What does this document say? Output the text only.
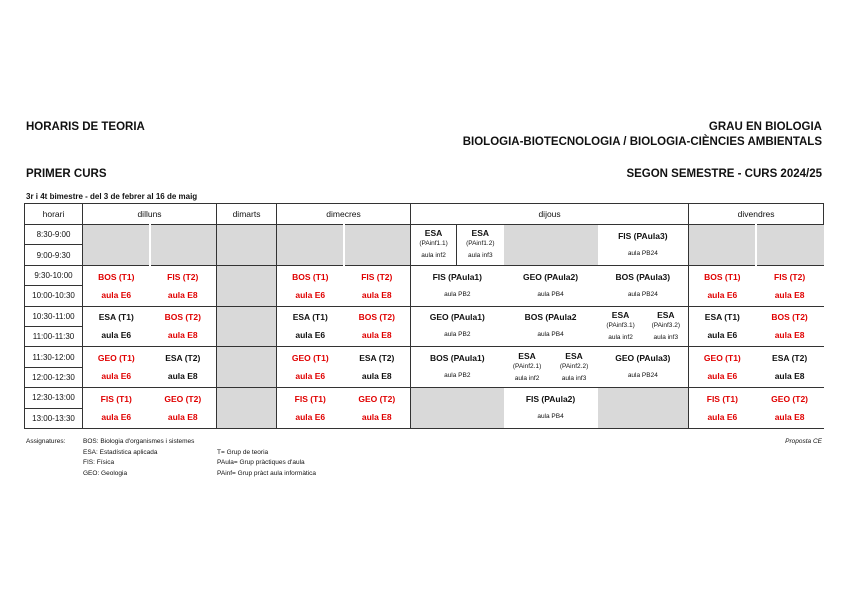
HORARIS DE TEORIA	GRAU EN BIOLOGIA
BIOLOGIA-BIOTECNOLOGIA / BIOLOGIA-CIÈNCIES AMBIENTALS
PRIMER CURS	SEGON SEMESTRE - CURS 2024/25
3r i 4t bimestre - del 3 de febrer al 16 de maig
horari	dilluns		dimarts	dimecres		dijous						divendres	
8:30-9:00						ESA
(PAinf1.1)
aula inf2	ESA
(PAinf1.2)
aula inf3			FIS (PAula3)
aula PB24			

9:00-9:30													
9:30-10:00	BOS (T1)
aula E6	FIS (T2)
aula E8		BOS (T1)
aula E6	FIS (T2)
aula E8	FIS (PAula1)
aula PB2		GEO (PAula2)
aula PB4		BOS (PAula3)
aula PB24		BOS (T1)
aula E6	FIS (T2)
aula E8

10:00-10:30													
10:30-11:00	ESA (T1)
aula E6	BOS (T2)
aula E8		ESA (T1)
aula E6	BOS (T2)
aula E8	GEO (PAula1)
aula PB2		BOS (PAula2
aula PB4		ESA
(PAinf3.1)
aula inf2	ESA
(PAinf3.2)
aula inf3	ESA (T1)
aula E6	BOS (T2)
aula E8

11:00-11:30													
11:30-12:00	GEO (T1)
aula E6	ESA (T2)
aula E8		GEO (T1)
aula E6	ESA (T2)
aula E8	BOS (PAula1)
aula PB2		ESA
(PAinf2.1)
aula inf2	ESA
(PAinf2.2)
aula inf3	GEO (PAula3)
aula PB24		GEO (T1)
aula E6	ESA (T2)
aula E8

12:00-12:30													
12:30-13:00	FIS (T1)
aula E6	GEO (T2)
aula E8		FIS (T1)
aula E6	GEO (T2)
aula E8			FIS (PAula2)
aula PB4				FIS (T1)
aula E6	GEO (T2)
aula E8

13:00-13:30													
Assignatures:	BOS: Biologia d'organismes i sistemes
ESA: Estadística aplicada
FIS: Física
GEO: Geologia
T= Grup de teoria
PAula= Grup pràctiques d'aula
PAinf= Grup pràct aula informàtica
Proposta CE
